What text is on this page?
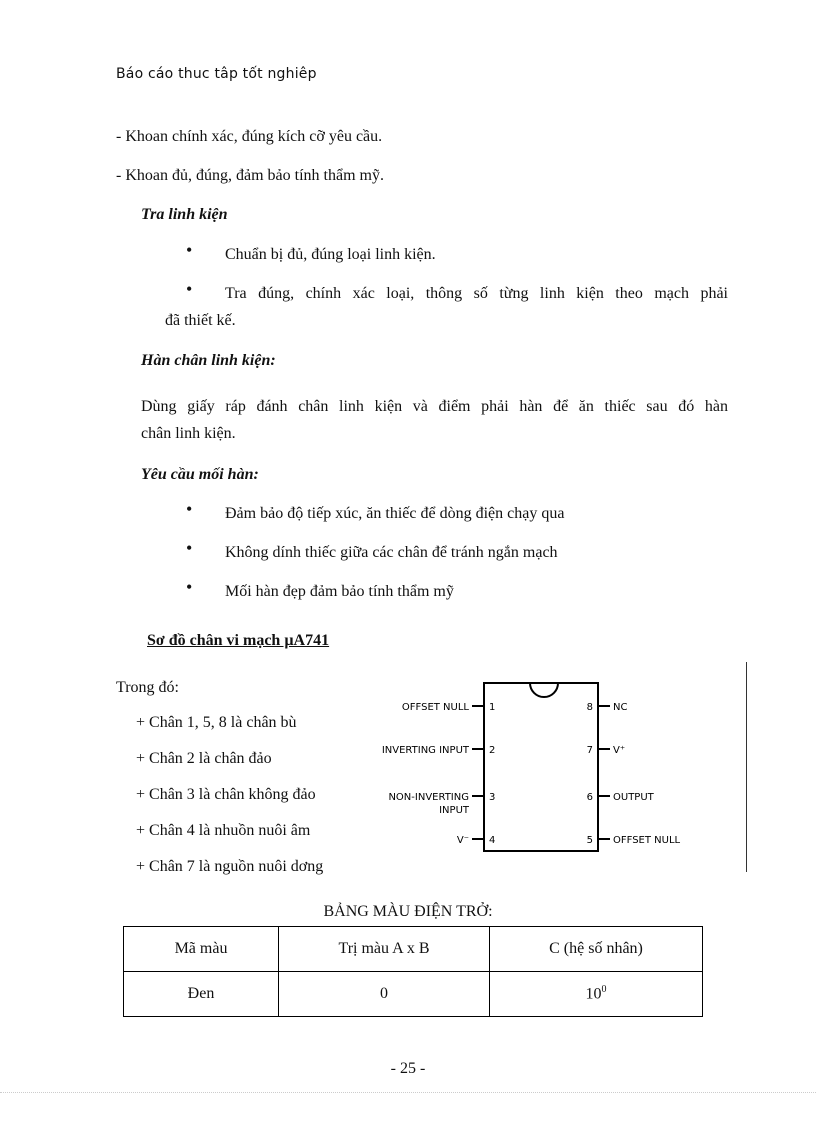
Báo cáo thuc tâp tốt nghiêp
- Khoan chính xác, đúng kích cỡ yêu cầu.
- Khoan đủ, đúng, đảm bảo tính thẩm mỹ.
Tra linh kiện
• Chuẩn bị đủ, đúng loại linh kiện.
• Tra đúng, chính xác loại, thông số từng linh kiện theo mạch phải
đã thiết kế.
Hàn chân linh kiện:
Dùng giấy ráp đánh chân linh kiện và điểm phải hàn để ăn thiếc sau đó hàn
chân linh kiện.
Yêu cầu mối hàn:
• Đảm bảo độ tiếp xúc, ăn thiếc để dòng điện chạy qua
• Không dính thiếc giữa các chân để tránh ngắn mạch
• Mối hàn đẹp đảm bảo tính thẩm mỹ
Sơ đồ chân vi mạch µA741
Trong đó:
+ Chân 1, 5, 8 là chân bù
+ Chân 2 là chân đảo
+ Chân 3 là chân không đảo
+ Chân 4 là nhuồn nuôi âm
+ Chân 7 là nguồn nuôi dơng
OFFSET NULL
INVERTING INPUT
NON-INVERTING
INPUT
V⁻
1
2
3
4
8
7
6
5
NC
V⁺
OUTPUT
OFFSET NULL
BẢNG MÀU ĐIỆN TRỞ:
Mã màu	Trị màu A x B	C (hệ số nhân)
Đen	0	$10^0$
- 25 -
